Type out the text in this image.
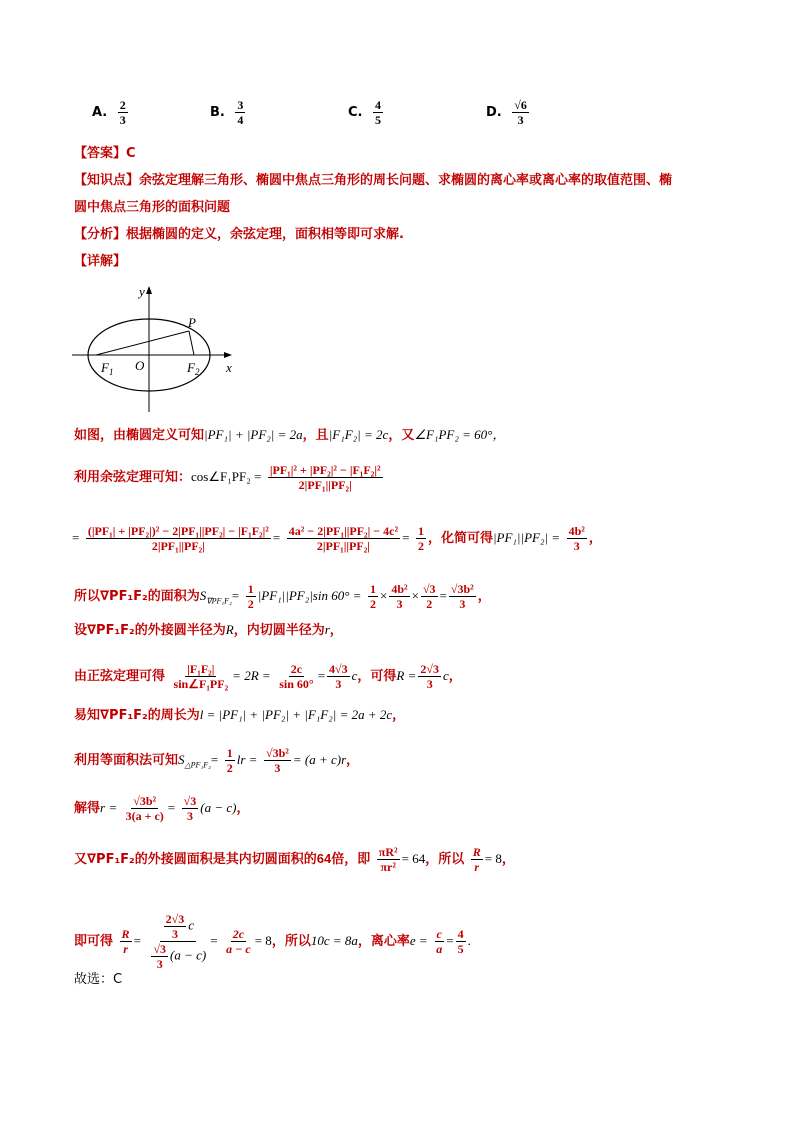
A. $\frac{2}{3}$	B. $\frac{3}{4}$	C. $\frac{4}{5}$	D. $\frac{√6}{3}$
【答案】C
【知识点】余弦定理解三角形、椭圆中焦点三角形的周长问题、求椭圆的离心率或离心率的取值范围、椭
圆中焦点三角形的面积问题
【分析】根据椭圆的定义，余弦定理，面积相等即可求解.
【详解】
y
x
P
O
$F_1$	$F_2$
如图，由椭圆定义可知|PF₁| + |PF₂| = 2a，且|F₁F₂| = 2c，又∠F₁PF₂ = 60°，
利用余弦定理可知：cos∠F₁PF₂ = $\frac{\text{|PF₁|² + |PF₂|² − |F₁F₂|²}}{\text{2|PF₁||PF₂|}}$
= $\frac{\text{(|PF₁| + |PF₂|)² − 2|PF₁||PF₂| − |F₁F₂|²}}{\text{2|PF₁||PF₂|}} = \frac{\text{4a² − 2|PF₁||PF₂| − 4c²}}{\text{2|PF₁||PF₂|}} = \frac{1}{2}$ ，化简可得$|PF_1||PF_2| = \frac{\text{4b²}}{3}$ ，
所以∇PF₁F₂的面积为$S_{\nabla PF_1F_2}= \frac{1}{2} |PF_1||PF_2|\sin$ $60^\circ = \frac{1}{2} \times \frac{\text{4b²}}{3} \times \frac{√3}{2} = \frac{\text{√3b²}}{3}$ ，
设∇PF₁F₂的外接圆半径为R，内切圆半径为r，
由正弦定理可得 $\frac{\text{|F₁F₂|}}{\text{sin∠F₁PF₂}} = 2R = \frac{2c}{\sin 60^\circ} = \frac{4√3}{3}$ c，可得$R = \frac{2√3}{3}$ c，
易知∇PF₁F₂的周长为l = |PF₁| + |PF₂| + |F₁F₂| = 2a + 2c，
利用等面积法可知$S_{\triangle PF_1F_2}= \frac{1}{2}$ lr = $\frac{\text{√3b²}}{3} = (a + c)r$，
解得$r = \frac{\text{√3b²}}{3(a + c)} = \frac{√3}{3} (a - c)$，
又∇PF₁F₂的外接圆面积是其内切圆面积的64倍，即 $\frac{\text{πR²}}{\text{πr²}} = 64$，所以 $\frac{R}{r} = 8$，
即可得 $\frac{R}{r} = \frac{\frac{2√3}{3} c}{\frac{√3}{3} (a - c)} = \frac{2c}{a - c} = 8$，所以10c = 8a，离心率$e = \frac{c}{a} = \frac{4}{5}$ .
故选：C
